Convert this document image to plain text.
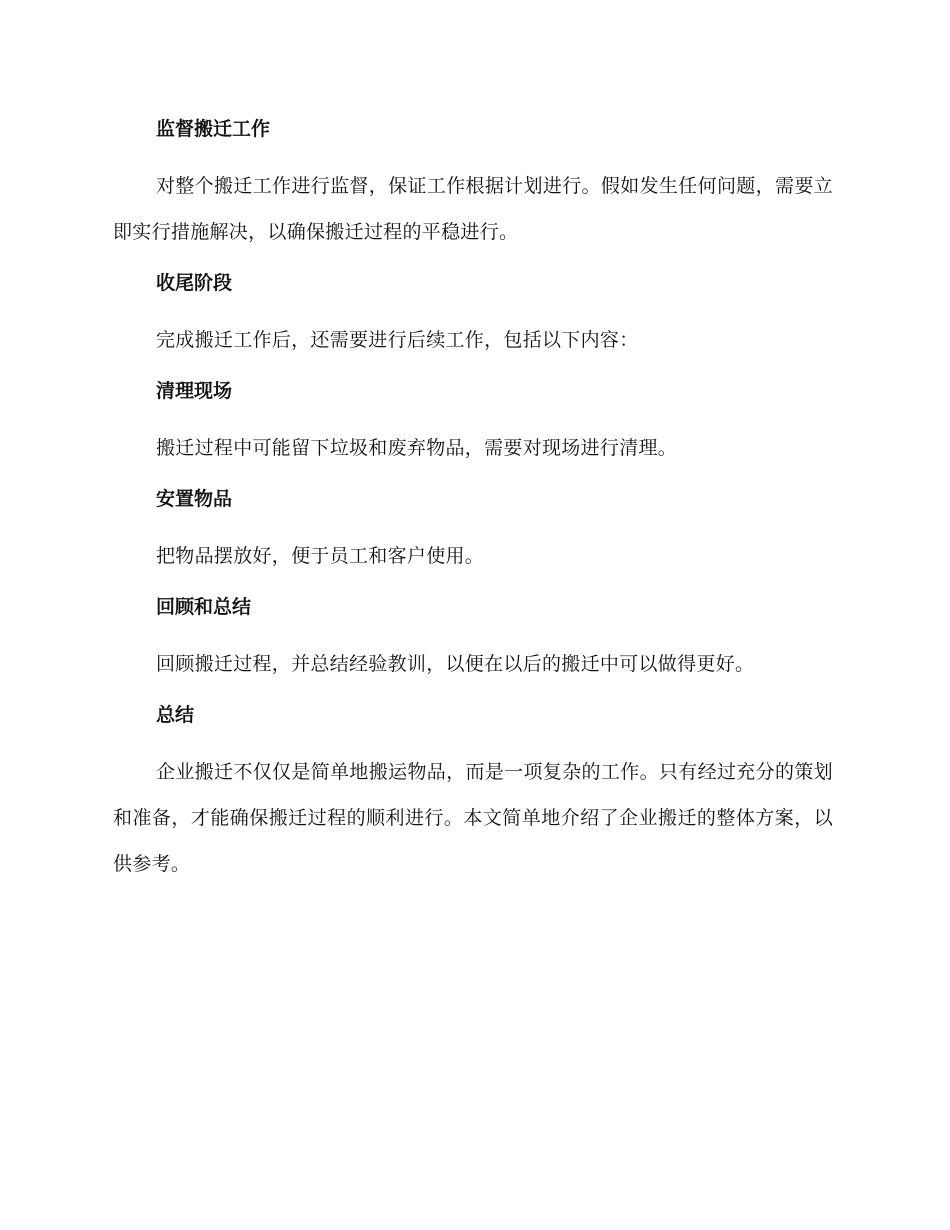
监督搬迁工作

对整个搬迁工作进行监督，保证工作根据计划进行。假如发生任何问题，需要立即实行措施解决，以确保搬迁过程的平稳进行。

收尾阶段

完成搬迁工作后，还需要进行后续工作，包括以下内容：

清理现场

搬迁过程中可能留下垃圾和废弃物品，需要对现场进行清理。

安置物品

把物品摆放好，便于员工和客户使用。

回顾和总结

回顾搬迁过程，并总结经验教训，以便在以后的搬迁中可以做得更好。

总结

企业搬迁不仅仅是简单地搬运物品，而是一项复杂的工作。只有经过充分的策划和准备，才能确保搬迁过程的顺利进行。本文简单地介绍了企业搬迁的整体方案，以供参考。
